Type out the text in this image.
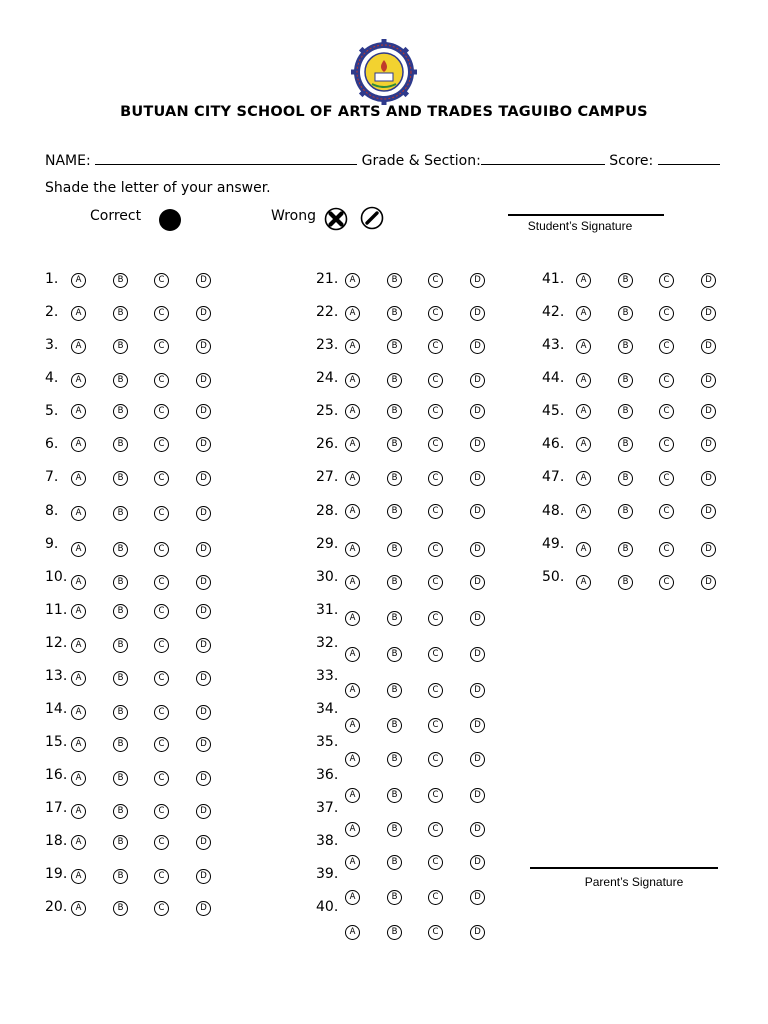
BUTUAN CITY SCHOOL OF ARTS AND TRADES TAGUIBO CAMPUS
NAME:	Grade & Section:	Score:
Shade the letter of your answer.
Correct	Wrong
Student’s Signature
Parent’s Signature
1.	A	B	C	D
2.	A	B	C	D
3.	A	B	C	D
4.	A	B	C	D
5.	A	B	C	D
6.	A	B	C	D
7.	A	B	C	D
8.	A	B	C	D
9.	A	B	C	D
10. A	B	C	D
11. A	B	C	D
12. A	B	C	D
13. A	B	C	D
14. A	B	C	D
15. A	B	C	D
16. A	B	C	D
17. A	B	C	D
18. A	B	C	D
19. A	B	C	D
20. A	B	C	D
21.	A	B	C	D
22.	A	B	C	D
23.	A	B	C	D
24.	A	B	C	D
25.	A	B	C	D
26.	A	B	C	D
27.	A	B	C	D
28.	A	B	C	D
29.	A	B	C	D
30.	A	B	C	D
31.	A	B	C	D
32.
A	B	C	D
33.
A	B	C	D
34.
A	B	C	D
35.
A	B	C	D
36.
A	B	C	D
37.
A	B	C	D
38.
A	B	C	D
39.
A	B	C	D
40.
A	B	C	D
41.	A	B	C	D
42.	A	B	C	D
43.	A	B	C	D
44.	A	B	C	D
45.	A	B	C	D
46.	A	B	C	D
47.	A	B	C	D
48.	A	B	C	D
49.	A	B	C	D
50.	A	B	C	D
